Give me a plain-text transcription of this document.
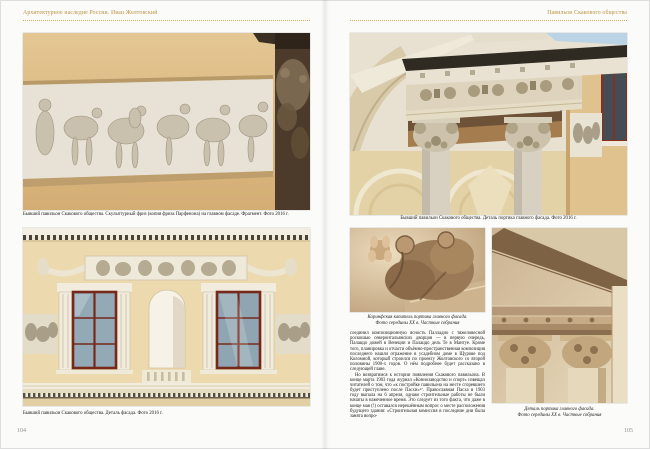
Архитектурное наследие России. Иван Жолтовский	Павильон Скакового общества
Бывший павильон Скакового общества. Скульптурный фриз (копия фриза Парфенона) на главном фасаде. Фрагмент. Фото 2016 г.
Бывший павильон Скакового общества. Деталь фасада. Фото 2016 г.
104
Бывший павильон Скакового общества. Деталь портика главного фасада. Фото 2016 г.
Коринфская капитель портика главного фасада.
Фото середины XX в. Частные собрания

соединил композиционную ясность Палладио с тяжеловесной роскошью североитальянских дворцов — в первую очередь, Палаццо дожей в Венеции и Палаццо дель Те в Мантуе. Кроме того, планировка и отчасти объёмно-пространственная композиция последнего нашли отражение в усадебном доме в Щурове под Коломной, который строился по проекту Жолтовского со второй половины 1900-х годов. О нём подробнее будет рассказано в следующей главе.

Но возвратимся к истории появления Скакового павильона. В конце марта 1903 года журнал «Коннозаводство и спорт» извещал читателей о том, что «к постройке павильона на месте сгоревшего будет приступлено после Пасхи»¹⁷. Православная Пасха в 1903 году выпала на 6 апреля, однако строительные работы не были начаты в намеченное время. Это следует из того факта, что даже в конце мая (!) оставался нерешённым вопрос о месте расположения будущего здания: «Строительная комиссия в последние дни была занята вопро-

Деталь портика главного фасада.
Фото середины XX в. Частные собрания
105
